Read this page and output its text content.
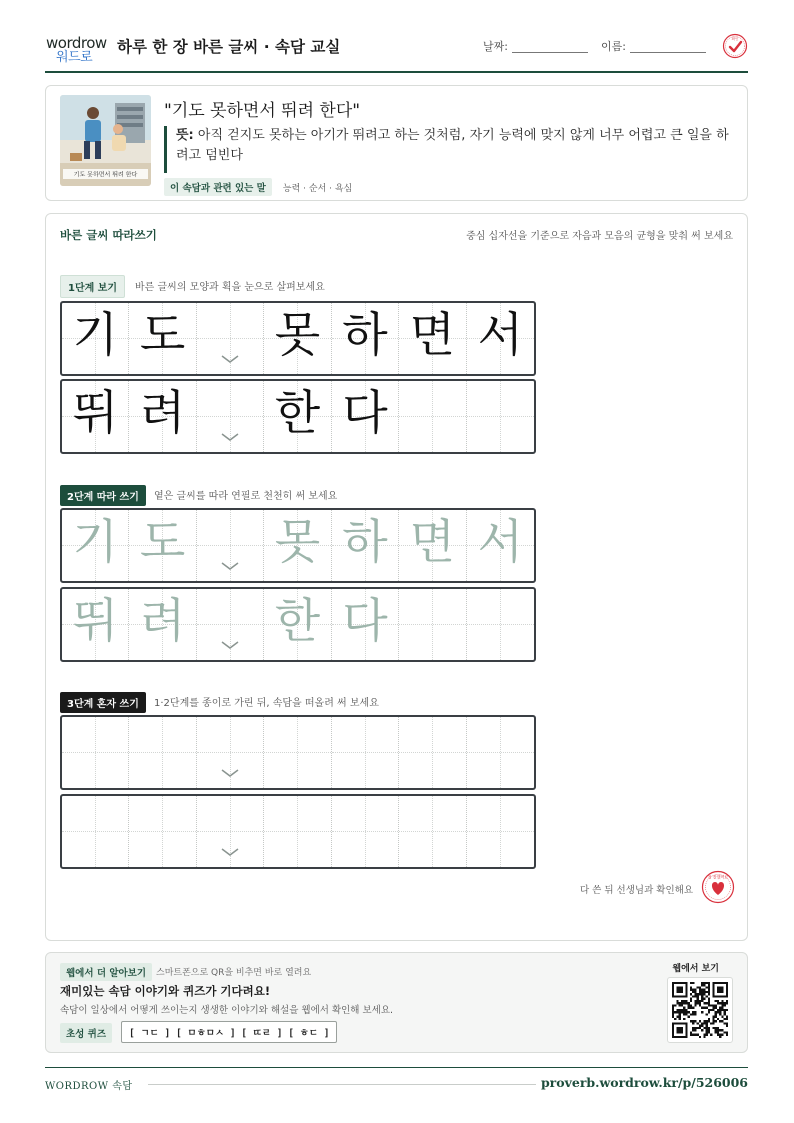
wordrow
워드로
하루 한 장 바른 글씨 · 속담 교실	날짜:	이름:
확인
기도 못하면서 뛰려 한다
"기도 못하면서 뛰려 한다"
뜻: 아직 걷지도 못하는 아기가 뛰려고 하는 것처럼, 자기 능력에 맞지 않게 너무 어렵고 큰 일을 하려고 덤빈다
이 속담과 관련 있는 말 능력 · 순서 · 욕심
바른 글씨 따라쓰기	중심 십자선을 기준으로 자음과 모음의 균형을 맞춰 써 보세요
1단계 보기	바른 글씨의 모양과 획을 눈으로 살펴보세요
기 도 못 하 면 서
뛰 려 한 다
2단계 따라 쓰기	옅은 글씨를 따라 연필로 천천히 써 보세요
기 도 못 하 면 서
뛰 려 한 다
3단계 혼자 쓰기	1·2단계를 종이로 가린 뒤, 속담을 떠올려 써 보세요
다 쓴 뒤 선생님과 확인해요
참 잘했어요
웹에서 더 알아보기	스마트폰으로 QR을 비추면 바로 열려요
재미있는 속담 이야기와 퀴즈가 기다려요!
속담이 일상에서 어떻게 쓰이는지 생생한 이야기와 해설을 웹에서 확인해 보세요.
초성 퀴즈	[ ㄱㄷ ] [ ㅁㅎㅁㅅ ] [ ㄸㄹ ] [ ㅎㄷ ]
웹에서 보기
WORDROW 속담	proverb.wordrow.kr/p/526006
